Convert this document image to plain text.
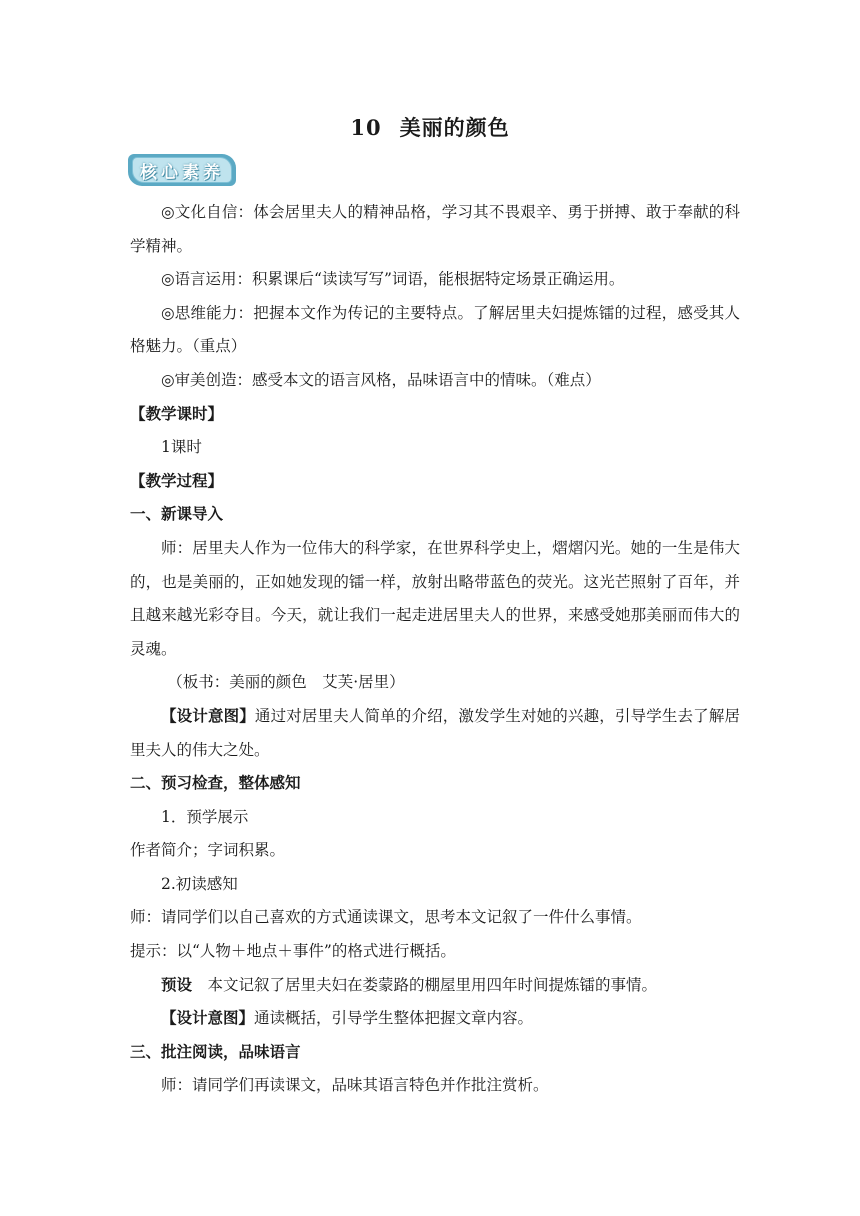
10 美丽的颜色
核心素养

◎文化自信：体会居里夫人的精神品格，学习其不畏艰辛、勇于拼搏、敢于奉献的科学精神。

◎语言运用：积累课后“读读写写”词语，能根据特定场景正确运用。

◎思维能力：把握本文作为传记的主要特点。了解居里夫妇提炼镭的过程，感受其人格魅力。（重点）

◎审美创造：感受本文的语言风格，品味语言中的情味。（难点）

【教学课时】

1课时

【教学过程】

一、新课导入

师：居里夫人作为一位伟大的科学家，在世界科学史上，熠熠闪光。她的一生是伟大的，也是美丽的，正如她发现的镭一样，放射出略带蓝色的荧光。这光芒照射了百年，并且越来越光彩夺目。今天，就让我们一起走进居里夫人的世界，来感受她那美丽而伟大的灵魂。

（板书：美丽的颜色　艾芙·居里）

【设计意图】通过对居里夫人简单的介绍，激发学生对她的兴趣，引导学生去了解居里夫人的伟大之处。

二、预习检查，整体感知

1．预学展示

作者简介；字词积累。

2.初读感知

师：请同学们以自己喜欢的方式通读课文，思考本文记叙了一件什么事情。

提示：以“人物＋地点＋事件”的格式进行概括。

预设  本文记叙了居里夫妇在娄蒙路的棚屋里用四年时间提炼镭的事情。

【设计意图】通读概括，引导学生整体把握文章内容。

三、批注阅读，品味语言

师：请同学们再读课文，品味其语言特色并作批注赏析。
